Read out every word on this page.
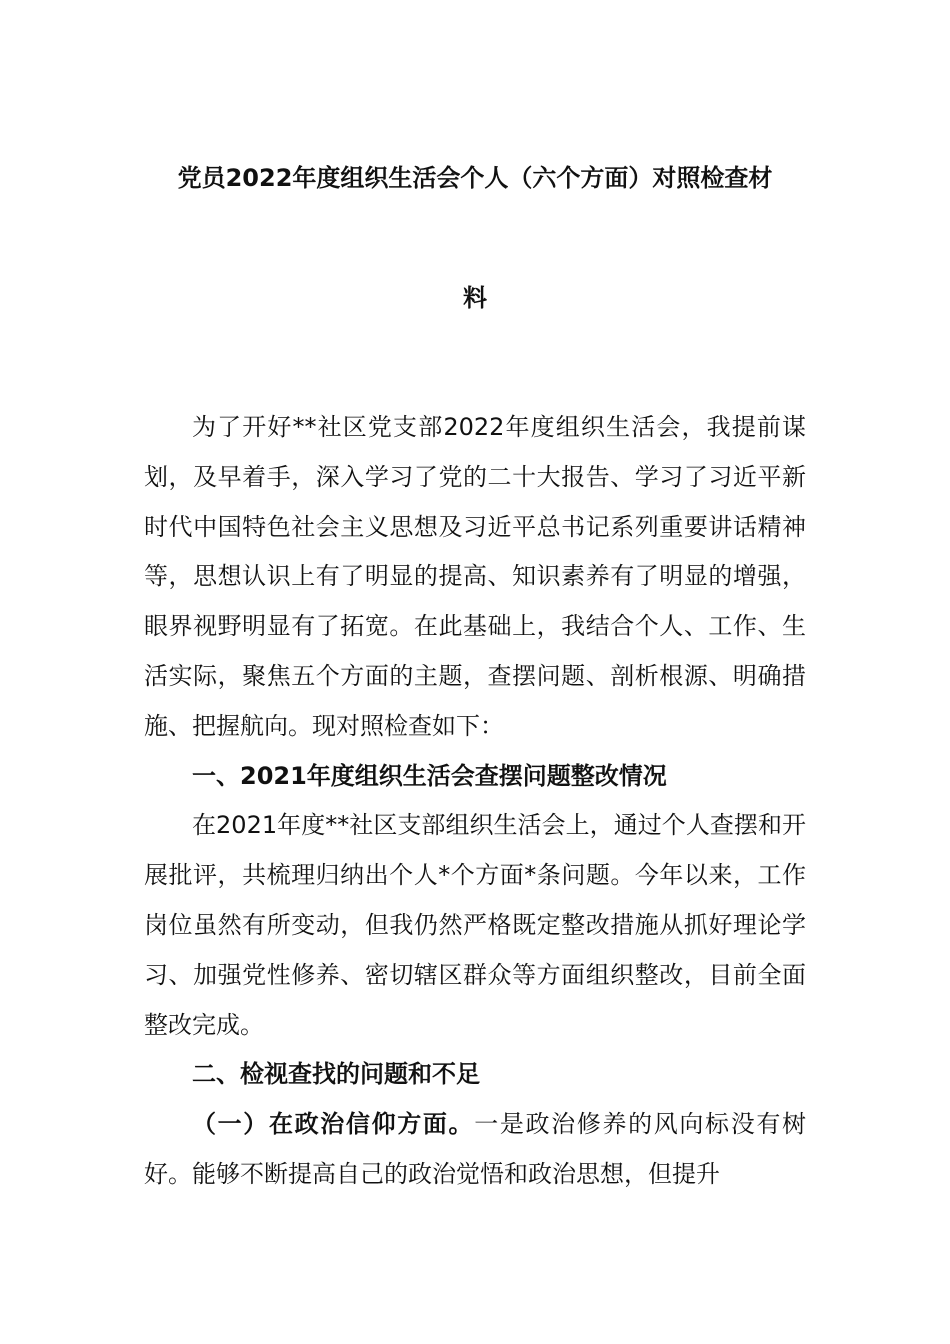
党员2022年度组织生活会个人（六个方面）对照检查材
料

为了开好**社区党支部2022年度组织生活会，我提前谋划，及早着手，深入学习了党的二十大报告、学习了习近平新时代中国特色社会主义思想及习近平总书记系列重要讲话精神等，思想认识上有了明显的提高、知识素养有了明显的增强，眼界视野明显有了拓宽。在此基础上，我结合个人、工作、生活实际，聚焦五个方面的主题，查摆问题、剖析根源、明确措施、把握航向。现对照检查如下：

一、2021年度组织生活会查摆问题整改情况

在2021年度**社区支部组织生活会上，通过个人查摆和开展批评，共梳理归纳出个人*个方面*条问题。今年以来，工作岗位虽然有所变动，但我仍然严格既定整改措施从抓好理论学习、加强党性修养、密切辖区群众等方面组织整改，目前全面整改完成。

二、检视查找的问题和不足

（一）在政治信仰方面。一是政治修养的风向标没有树好。能够不断提高自己的政治觉悟和政治思想，但提升
